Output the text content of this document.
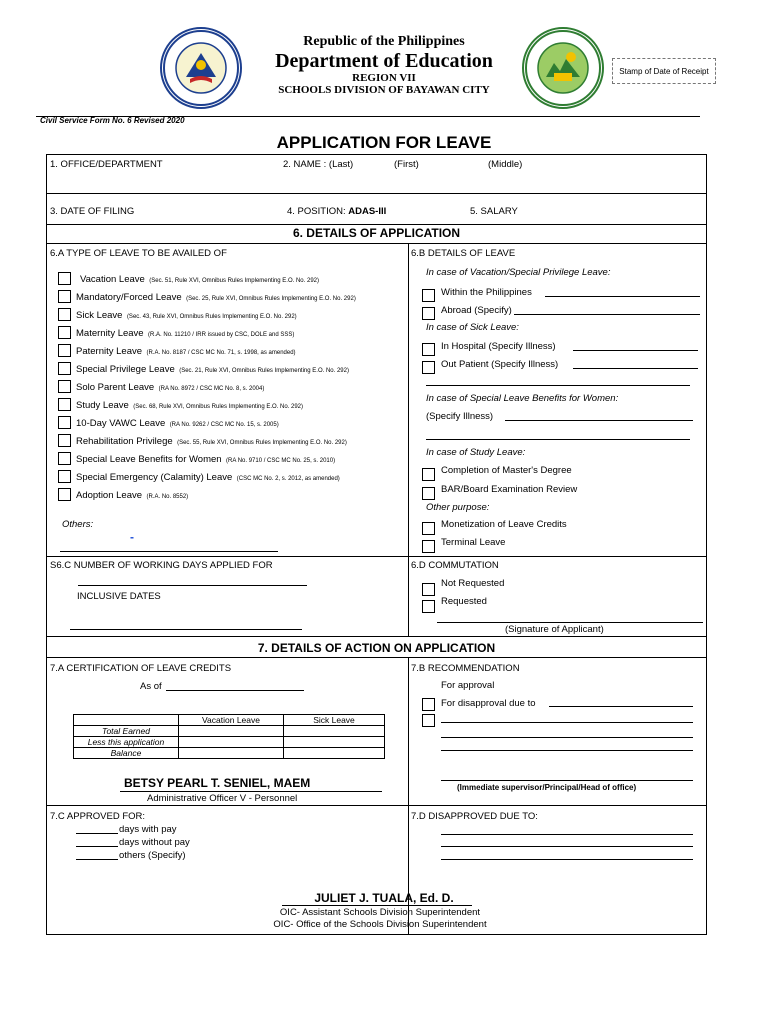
Republic of the Philippines
Department of Education
REGION VII
SCHOOLS DIVISION OF BAYAWAN CITY
Stamp of Date of Receipt
Civil Service Form No. 6 Revised 2020
APPLICATION FOR LEAVE
1. OFFICE/DEPARTMENT	2. NAME : (Last)	(First)	(Middle)
3. DATE OF FILING	4. POSITION: ADAS-III	5. SALARY
6. DETAILS OF APPLICATION
6.A TYPE OF LEAVE TO BE AVAILED OF
Vacation Leave (Sec. 51, Rule XVI, Omnibus Rules Implementing E.O. No. 292)
Mandatory/Forced Leave (Sec. 25, Rule XVI, Omnibus Rules Implementing E.O. No. 292)
Sick Leave (Sec. 43, Rule XVI, Omnibus Rules Implementing E.O. No. 292)
Maternity Leave (R.A. No. 11210 / IRR issued by CSC, DOLE and SSS)
Paternity Leave (R.A. No. 8187 / CSC MC No. 71, s. 1998, as amended)
Special Privilege Leave (Sec. 21, Rule XVI, Omnibus Rules Implementing E.O. No. 292)
Solo Parent Leave (RA No. 8972 / CSC MC No. 8, s. 2004)
Study Leave (Sec. 68, Rule XVI, Omnibus Rules Implementing E.O. No. 292)
10-Day VAWC Leave (RA No. 9262 / CSC MC No. 15, s. 2005)
Rehabilitation Privilege (Sec. 55, Rule XVI, Omnibus Rules Implementing E.O. No. 292)
Special Leave Benefits for Women (RA No. 9710 / CSC MC No. 25, s. 2010)
Special Emergency (Calamity) Leave (CSC MC No. 2, s. 2012, as amended)
Adoption Leave (R.A. No. 8552)
Others:
-
6.B DETAILS OF LEAVE
In case of Vacation/Special Privilege Leave:
Within the Philippines
Abroad (Specify)
In case of Sick Leave:
In Hospital (Specify Illness)
Out Patient (Specify Illness)
In case of Special Leave Benefits for Women:
(Specify Illness)
In case of Study Leave:
Completion of Master's Degree
BAR/Board Examination Review
Other purpose:
Monetization of Leave Credits
Terminal Leave
S6.C NUMBER OF WORKING DAYS APPLIED FOR
INCLUSIVE DATES
6.D COMMUTATION
Not Requested
Requested
(Signature of Applicant)
7. DETAILS OF ACTION ON APPLICATION
7.A CERTIFICATION OF LEAVE CREDITS
As of
	Vacation Leave	Sick Leave
Total Earned		
Less this application		
Balance		
BETSY PEARL T. SENIEL, MAEM
Administrative Officer V - Personnel
7.B RECOMMENDATION
For approval
For disapproval due to
(Immediate supervisor/Principal/Head of office)
7.C APPROVED FOR:
days with pay
days without pay
others (Specify)
7.D DISAPPROVED DUE TO:
JULIET J. TUALA, Ed. D.
OIC- Assistant Schools Division Superintendent
OIC- Office of the Schools Division Superintendent
